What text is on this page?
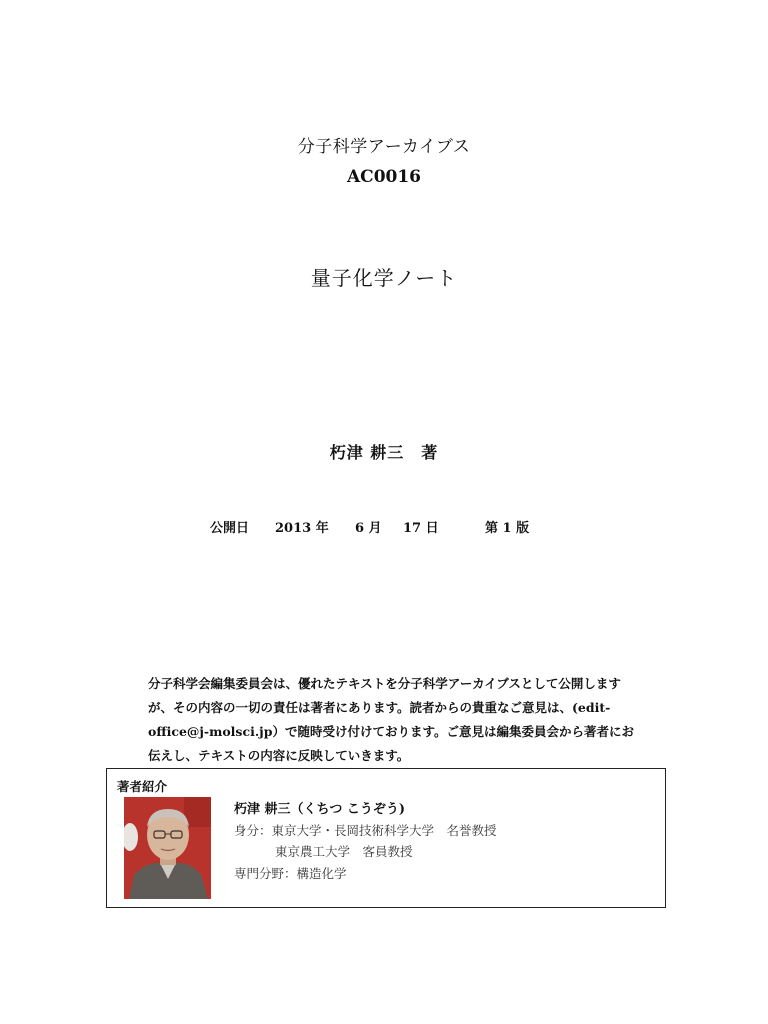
分子科学アーカイブス
AC0016
量子化学ノート
朽津 耕三　著
公開日 2013 年 6 月 17 日	第 1 版
分子科学会編集委員会は、優れたテキストを分子科学アーカイブスとして公開しますが、その内容の一切の責任は著者にあります。読者からの貴重なご意見は、(edit-office@j-molsci.jp）で随時受け付けております。ご意見は編集委員会から著者にお伝えし、テキストの内容に反映していきます。
著者紹介
朽津 耕三（くちつ こうぞう)
身分：東京大学・長岡技術科学大学　名誉教授
東京農工大学　客員教授
専門分野：構造化学
